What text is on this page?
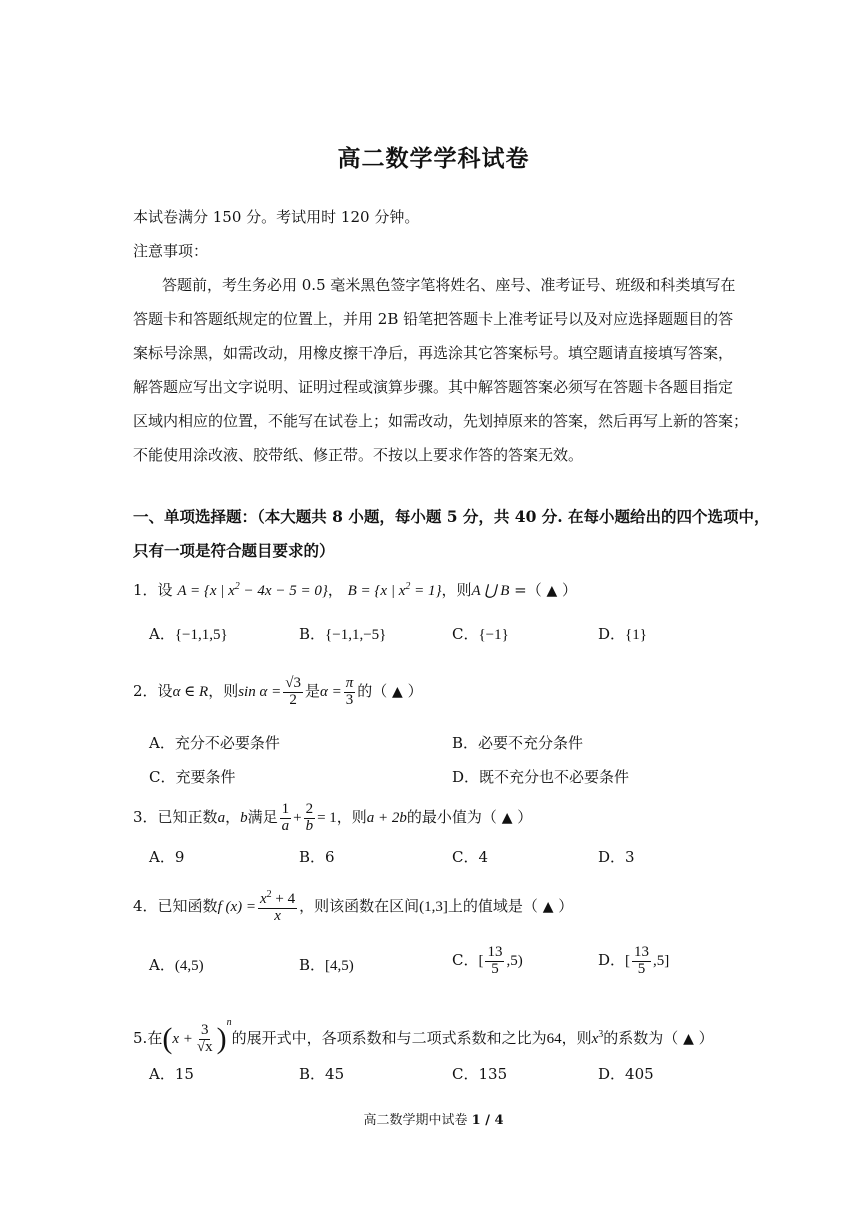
高二数学学科试卷
本试卷满分 150 分。考试用时 120 分钟。
注意事项：
答题前，考生务必用 0.5 毫米黑色签字笔将姓名、座号、准考证号、班级和科类填写在
答题卡和答题纸规定的位置上，并用 2B 铅笔把答题卡上准考证号以及对应选择题题目的答
案标号涂黑，如需改动，用橡皮擦干净后，再选涂其它答案标号。填空题请直接填写答案，
解答题应写出文字说明、证明过程或演算步骤。其中解答题答案必须写在答题卡各题目指定
区域内相应的位置，不能写在试卷上；如需改动，先划掉原来的答案，然后再写上新的答案；
不能使用涂改液、胶带纸、修正带。不按以上要求作答的答案无效。
一、单项选择题：（本大题共 8 小题，每小题 5 分，共 40 分. 在每小题给出的四个选项中，
只有一项是符合题目要求的）
1．设 A = {x | $x^2 - 4x - 5 = 0$}， B = {x | $x^2 = 1$}，则A ⋃ B =（ ▲ ）
A．{−1,1,5}	B．{−1,1,−5}	C．{−1}	D．{1}
2．设α ∈ R，则$\sin \alpha = \frac{√3}{2}$ 是$\alpha = \frac{\pi}{3}$ 的（ ▲ ）
A．充分不必要条件	B．必要不充分条件
C．充要条件	D．既不充分也不必要条件
3．已知正数a，b满足 $\frac{1}{a} + \frac{2}{b} = 1$，则a + 2b的最小值为（ ▲ ）
A．9	B．6	C．4	D．3
4．已知函数f $(x) = \frac{x^2 + 4}{x}$ ，则该函数在区间(1,3]上的值域是（ ▲ ）
A．(4,5)	B．[4,5)	C．[ $\frac{13}{5} ,5$)	D．[ $\frac{13}{5} ,5$]
5.在$(x + \frac{3}{√x} )^n$的展开式中，各项系数和与二项式系数和之比为64，则$x^3$的系数为（ ▲ ）
A．15	B．45	C．135	D．405
高二数学期中试卷 1 / 4
